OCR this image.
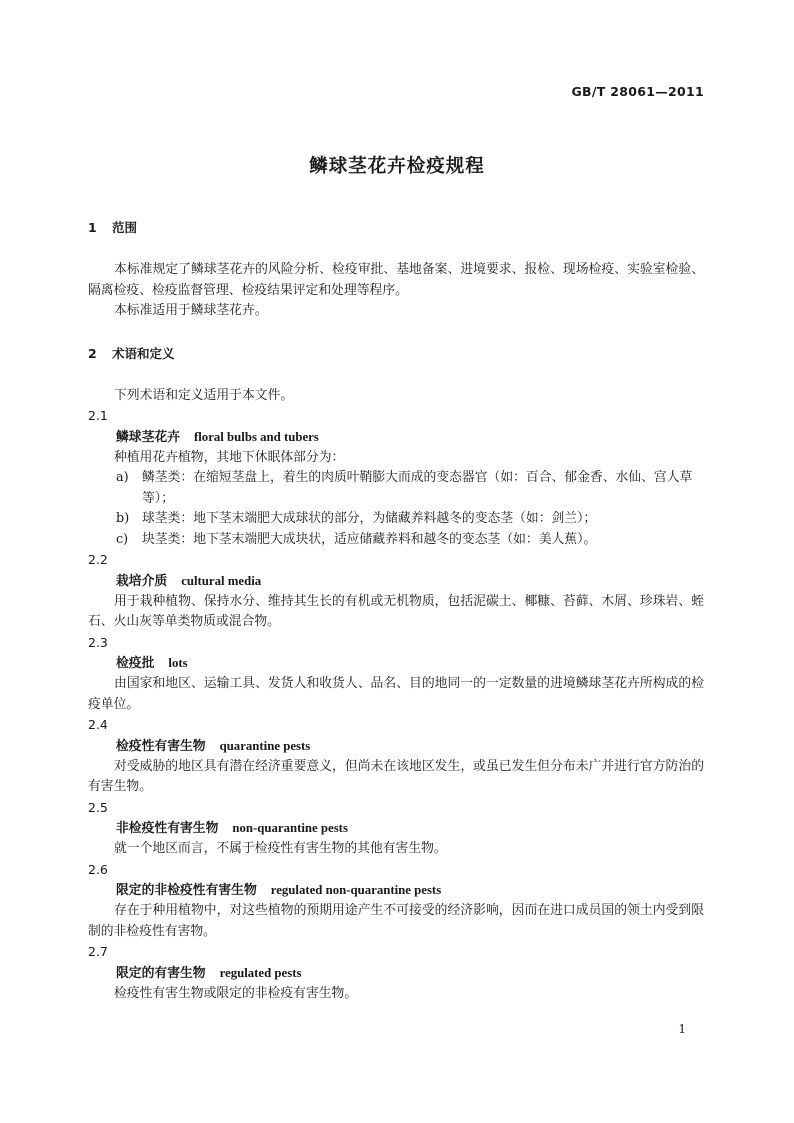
GB/T 28061—2011
鳞球茎花卉检疫规程

1 范围

本标准规定了鳞球茎花卉的风险分析、检疫审批、基地备案、进境要求、报检、现场检疫、实验室检验、隔离检疫、检疫监督管理、检疫结果评定和处理等程序。

本标准适用于鳞球茎花卉。

2 术语和定义

下列术语和定义适用于本文件。

2.1

鳞球茎花卉 floral bulbs and tubers

种植用花卉植物，其地下休眠体部分为：

a) 鳞茎类：在缩短茎盘上，着生的肉质叶鞘膨大而成的变态器官（如：百合、郁金香、水仙、宫人草等）；

b) 球茎类：地下茎末端肥大成球状的部分，为储藏养料越冬的变态茎（如：剑兰）；

c) 块茎类：地下茎末端肥大成块状，适应储藏养料和越冬的变态茎（如：美人蕉）。

2.2

栽培介质 cultural media

用于栽种植物、保持水分、维持其生长的有机或无机物质，包括泥碳土、椰糠、苔藓、木屑、珍珠岩、蛭石、火山灰等单类物质或混合物。

2.3

检疫批 lots

由国家和地区、运输工具、发货人和收货人、品名、目的地同一的一定数量的进境鳞球茎花卉所构成的检疫单位。

2.4

检疫性有害生物 quarantine pests

对受威胁的地区具有潜在经济重要意义，但尚未在该地区发生，或虽已发生但分布未广并进行官方防治的有害生物。

2.5

非检疫性有害生物 non-quarantine pests

就一个地区而言，不属于检疫性有害生物的其他有害生物。

2.6

限定的非检疫性有害生物 regulated non-quarantine pests

存在于种用植物中，对这些植物的预期用途产生不可接受的经济影响，因而在进口成员国的领土内受到限制的非检疫性有害物。

2.7

限定的有害生物 regulated pests

检疫性有害生物或限定的非检疫有害生物。

1
